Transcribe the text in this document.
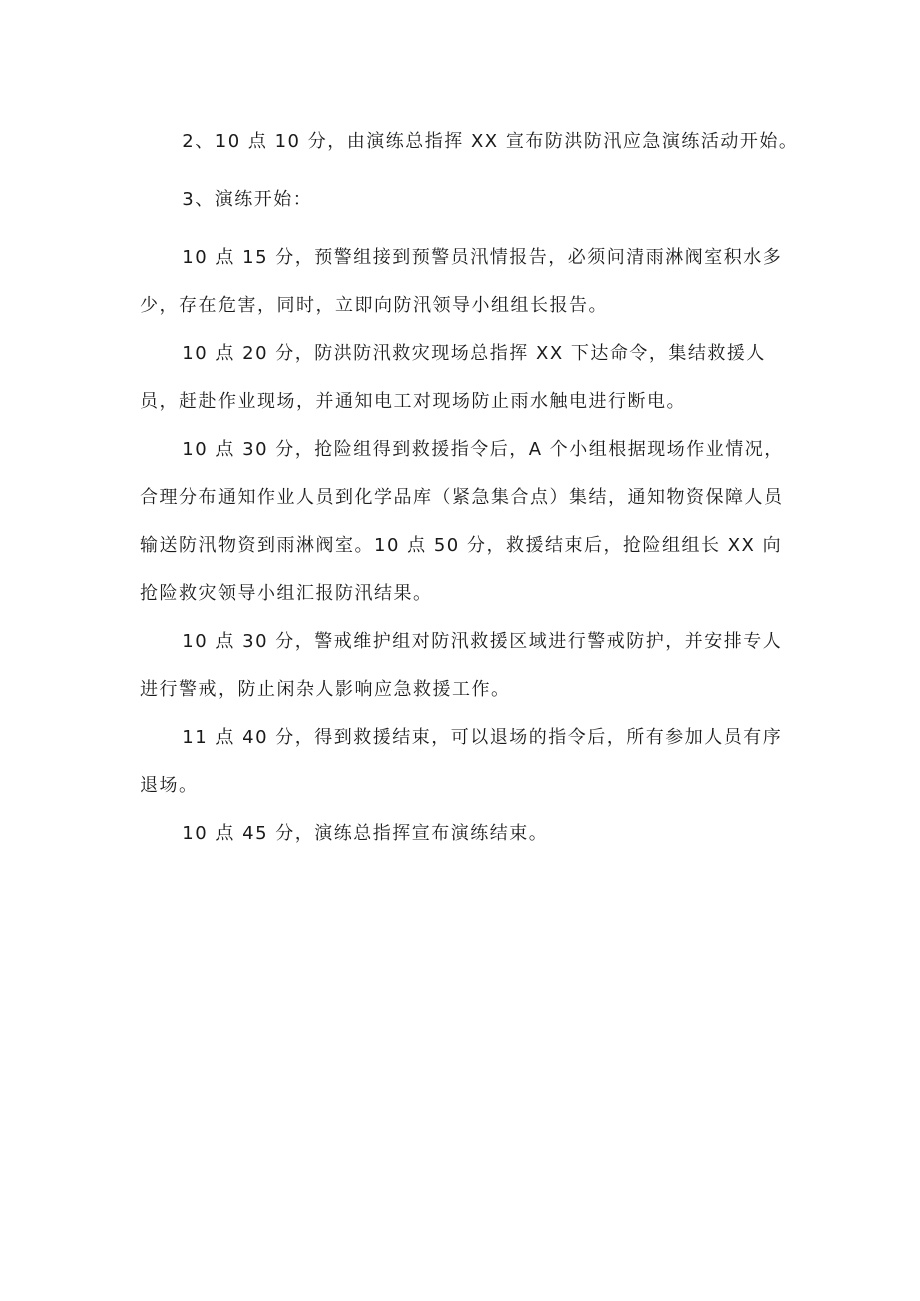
2、10 点 10 分，由演练总指挥 XX 宣布防洪防汛应急演练活动开始。

3、演练开始：

10 点 15 分，预警组接到预警员汛情报告，必须问清雨淋阀室积水多少，存在危害，同时，立即向防汛领导小组组长报告。

10 点 20 分，防洪防汛救灾现场总指挥 XX 下达命令，集结救援人员，赶赴作业现场，并通知电工对现场防止雨水触电进行断电。

10 点 30 分，抢险组得到救援指令后，A 个小组根据现场作业情况，合理分布通知作业人员到化学品库（紧急集合点）集结，通知物资保障人员输送防汛物资到雨淋阀室。10 点 50 分，救援结束后，抢险组组长 XX 向抢险救灾领导小组汇报防汛结果。

10 点 30 分，警戒维护组对防汛救援区域进行警戒防护，并安排专人进行警戒，防止闲杂人影响应急救援工作。

11 点 40 分，得到救援结束，可以退场的指令后，所有参加人员有序退场。

10 点 45 分，演练总指挥宣布演练结束。
